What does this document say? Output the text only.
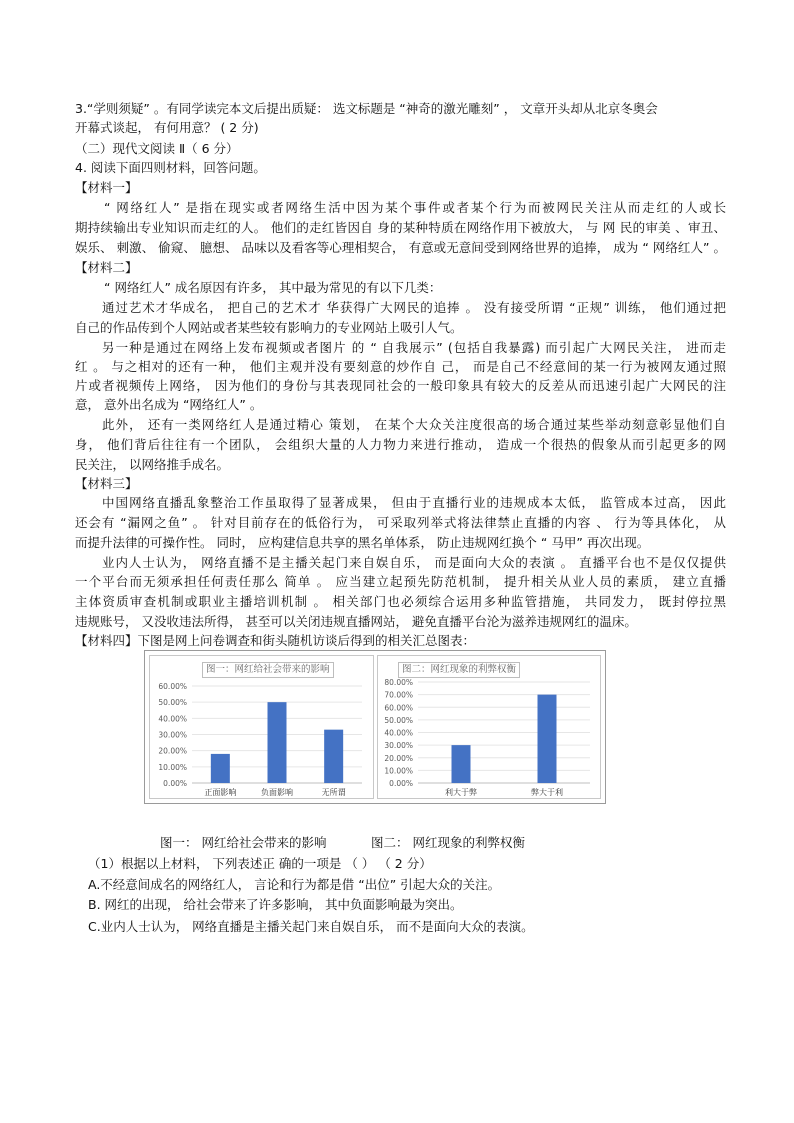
3.“学则须疑” 。有同学读完本文后提出质疑： 选文标题是 “神奇的激光雕刻” ， 文章开头却从北京冬奥会
开幕式谈起， 有何用意？ ( 2 分)
（二）现代文阅读 Ⅱ（ 6 分）
4. 阅读下面四则材料，回答问题。
【材料一】
“ 网络红人” 是指在现实或者网络生活中因为某个事件或者某个行为而被网民关注从而走红的人或长
期持续输出专业知识而走红的人。 他们的走红皆因自 身的某种特质在网络作用下被放大， 与 网 民的审美 、审丑、
娱乐、 刺激、 偷窥、 臆想、 品味以及看客等心理相契合， 有意或无意间受到网络世界的追捧， 成为 “ 网络红人” 。
【材料二】
“ 网络红人” 成名原因有许多， 其中最为常见的有以下几类：
通过艺术才华成名， 把自己的艺术才 华获得广大网民的追捧 。 没有接受所谓 “正规” 训练， 他们通过把
自己的作品传到个人网站或者某些较有影响力的专业网站上吸引人气。
另一种是通过在网络上发布视频或者图片 的 “ 自我展示” (包括自我暴露) 而引起广大网民关注， 进而走
红 。 与之相对的还有一种， 他们主观并没有要刻意的炒作自 己， 而是自己不经意间的某一行为被网友通过照
片或者视频传上网络， 因为他们的身份与其表现同社会的一般印象具有较大的反差从而迅速引起广大网民的注
意， 意外出名成为 “网络红人” 。
此外， 还有一类网络红人是通过精心 策划， 在某个大众关注度很高的场合通过某些举动刻意彰显他们自
身， 他们背后往往有一个团队， 会组织大量的人力物力来进行推动， 造成一个很热的假象从而引起更多的网
民关注， 以网络推手成名。
【材料三】
中国网络直播乱象整治工作虽取得了显著成果， 但由于直播行业的违规成本太低， 监管成本过高， 因此
还会有 “漏网之鱼” 。 针对目前存在的低俗行为， 可采取列举式将法律禁止直播的内容 、 行为等具体化， 从
而提升法律的可操作性。 同时， 应构建信息共享的黑名单体系， 防止违规网红换个 “ 马甲” 再次出现。
业内人士认为， 网络直播不是主播关起门来自娱自乐， 而是面向大众的表演 。 直播平台也不是仅仅提供
一个平台而无须承担任何责任那么 简单 。 应当建立起预先防范机制， 提升相关从业人员的素质， 建立直播
主体资质审查机制或职业主播培训机制 。 相关部门也必须综合运用多种监管措施， 共同发力， 既封停拉黑
违规账号， 又没收违法所得， 甚至可以关闭违规直播网站， 避免直播平台沦为滋养违规网红的温床。
【材料四】下图是网上问卷调查和街头随机访谈后得到的相关汇总图表：
图一：网红给社会带来的影响
0.00%
10.00%
20.00%
30.00%
40.00%
50.00%
60.00%
正面影响	负面影响	无所谓
图二：网红现象的利弊权衡
0.00%
10.00%
20.00%
30.00%
40.00%
50.00%
60.00%
70.00%
80.00%
利大于弊	弊大于利
图一： 网红给社会带来的影响	图二： 网红现象的利弊权衡
（1）根据以上材料， 下列表述正 确的一项是 （ ） （ 2 分）
A.不经意间成名的网络红人， 言论和行为都是借 “出位” 引起大众的关注。
B. 网红的出现， 给社会带来了许多影响， 其中负面影响最为突出。
C.业内人士认为， 网络直播是主播关起门来自娱自乐， 而不是面向大众的表演。
